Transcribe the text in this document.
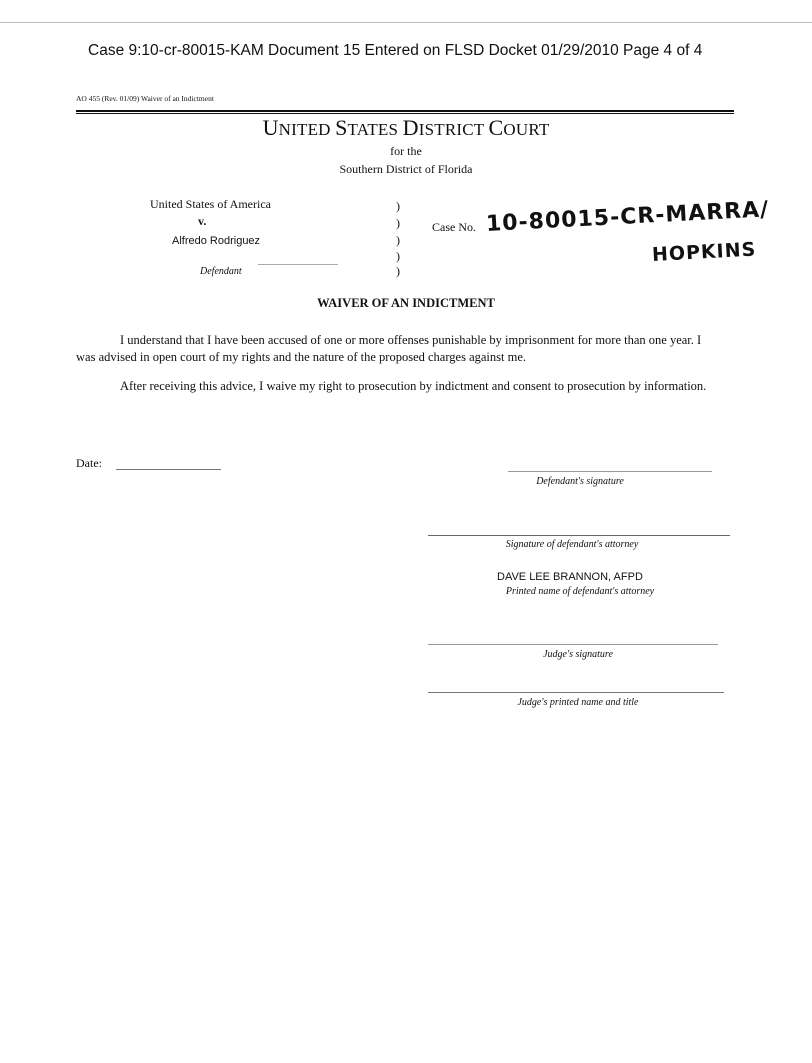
Case 9:10-cr-80015-KAM Document 15 Entered on FLSD Docket 01/29/2010 Page 4 of 4
AO 455 (Rev. 01/09) Waiver of an Indictment
UNITED STATES DISTRICT COURT
for the
Southern District of Florida
United States of America
v.
Alfredo Rodriguez
Defendant
)
)
)
)
)
Case No. 10-80015-CR-MARRA/
HOPKINS
WAIVER OF AN INDICTMENT
I understand that I have been accused of one or more offenses punishable by imprisonment for more than one year. I was advised in open court of my rights and the nature of the proposed charges against me.
After receiving this advice, I waive my right to prosecution by indictment and consent to prosecution by information.
Date:
Defendant's signature
Signature of defendant's attorney
DAVE LEE BRANNON, AFPD
Printed name of defendant's attorney
Judge's signature
Judge's printed name and title
